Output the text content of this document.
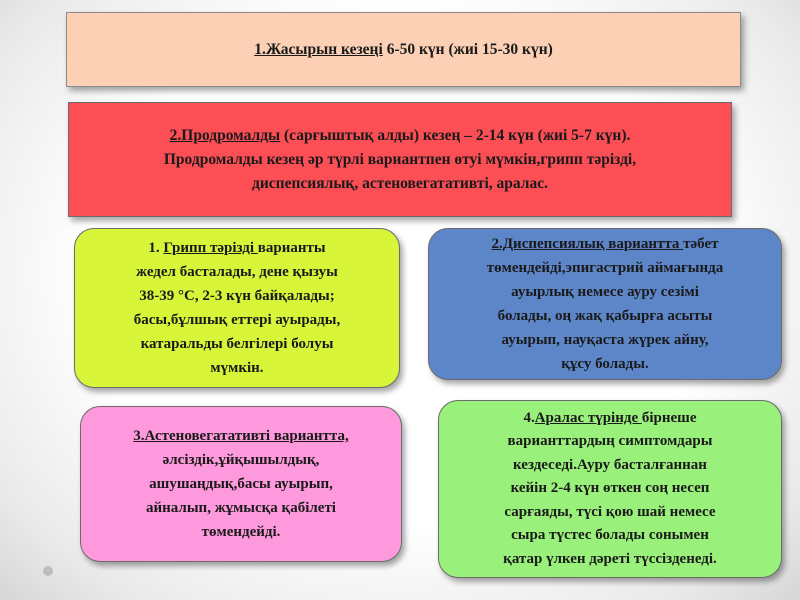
1.Жасырын кезеңі 6-50 күн (жиі 15-30 күн)
2.Продромалды (сарғыштық алды) кезең – 2-14 күн (жиі 5-7 күн).
Продромалды кезең әр түрлі вариантпен өтуі мүмкін,грипп тәрізді,
диспепсиялық, астеновегатативті, аралас.
1. Грипп тәрізді варианты
жедел басталады, дене қызуы
38-39 °С, 2-3 күн байқалады;
басы,бұлшық еттері ауырады,
катаральды белгілері болуы
мүмкін.
2.Диспепсиялық вариантта тәбет
төмендейді,эпигастрий аймағында
ауырлық немесе ауру сезімі
болады, оң жақ қабырға асыты
ауырып, науқаста жүрек айну,
құсу болады.
3.Астеновегатативті вариантта,
әлсіздік,ұйқышылдық,
ашушаңдық,басы ауырып,
айналып, жұмысқа қабілеті
төмендейді.
4.Аралас түрінде бірнеше
варианттардың симптомдары
кездеседі.Ауру басталғаннан
кейін 2-4 күн өткен соң несеп
сарғаяды, түсі қою шай немесе
сыра түстес болады сонымен
қатар үлкен дәреті түссізденеді.
